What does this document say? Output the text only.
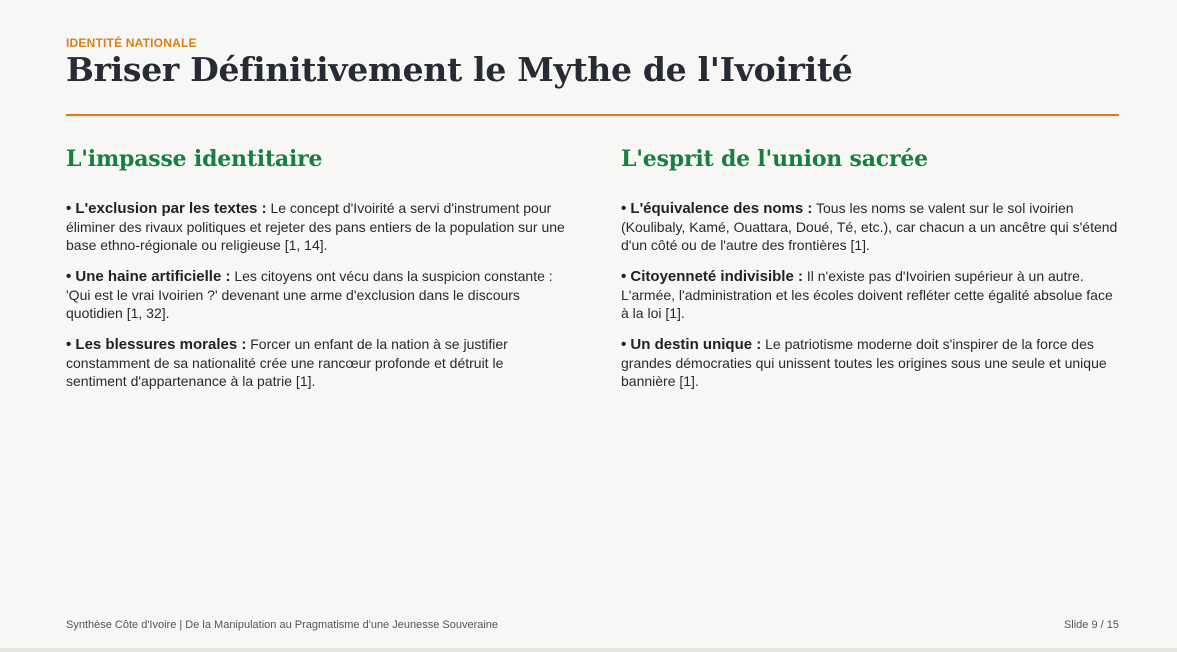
IDENTITÉ NATIONALE
Briser Définitivement le Mythe de l'Ivoirité
L'impasse identitaire

• L'exclusion par les textes : Le concept d'Ivoirité a servi d'instrument pour éliminer des rivaux politiques et rejeter des pans entiers de la population sur une base ethno-régionale ou religieuse [1, 14].

• Une haine artificielle : Les citoyens ont vécu dans la suspicion constante : 'Qui est le vrai Ivoirien ?' devenant une arme d'exclusion dans le discours quotidien [1, 32].

• Les blessures morales : Forcer un enfant de la nation à se justifier constamment de sa nationalité crée une rancœur profonde et détruit le sentiment d'appartenance à la patrie [1].

L'esprit de l'union sacrée

• L'équivalence des noms : Tous les noms se valent sur le sol ivoirien (Koulibaly, Kamé, Ouattara, Doué, Té, etc.), car chacun a un ancêtre qui s'étend d'un côté ou de l'autre des frontières [1].

• Citoyenneté indivisible : Il n'existe pas d'Ivoirien supérieur à un autre. L'armée, l'administration et les écoles doivent refléter cette égalité absolue face à la loi [1].

• Un destin unique : Le patriotisme moderne doit s'inspirer de la force des grandes démocraties qui unissent toutes les origines sous une seule et unique bannière [1].

Synthèse Côte d'Ivoire | De la Manipulation au Pragmatisme d'une Jeunesse Souveraine	Slide 9 / 15
